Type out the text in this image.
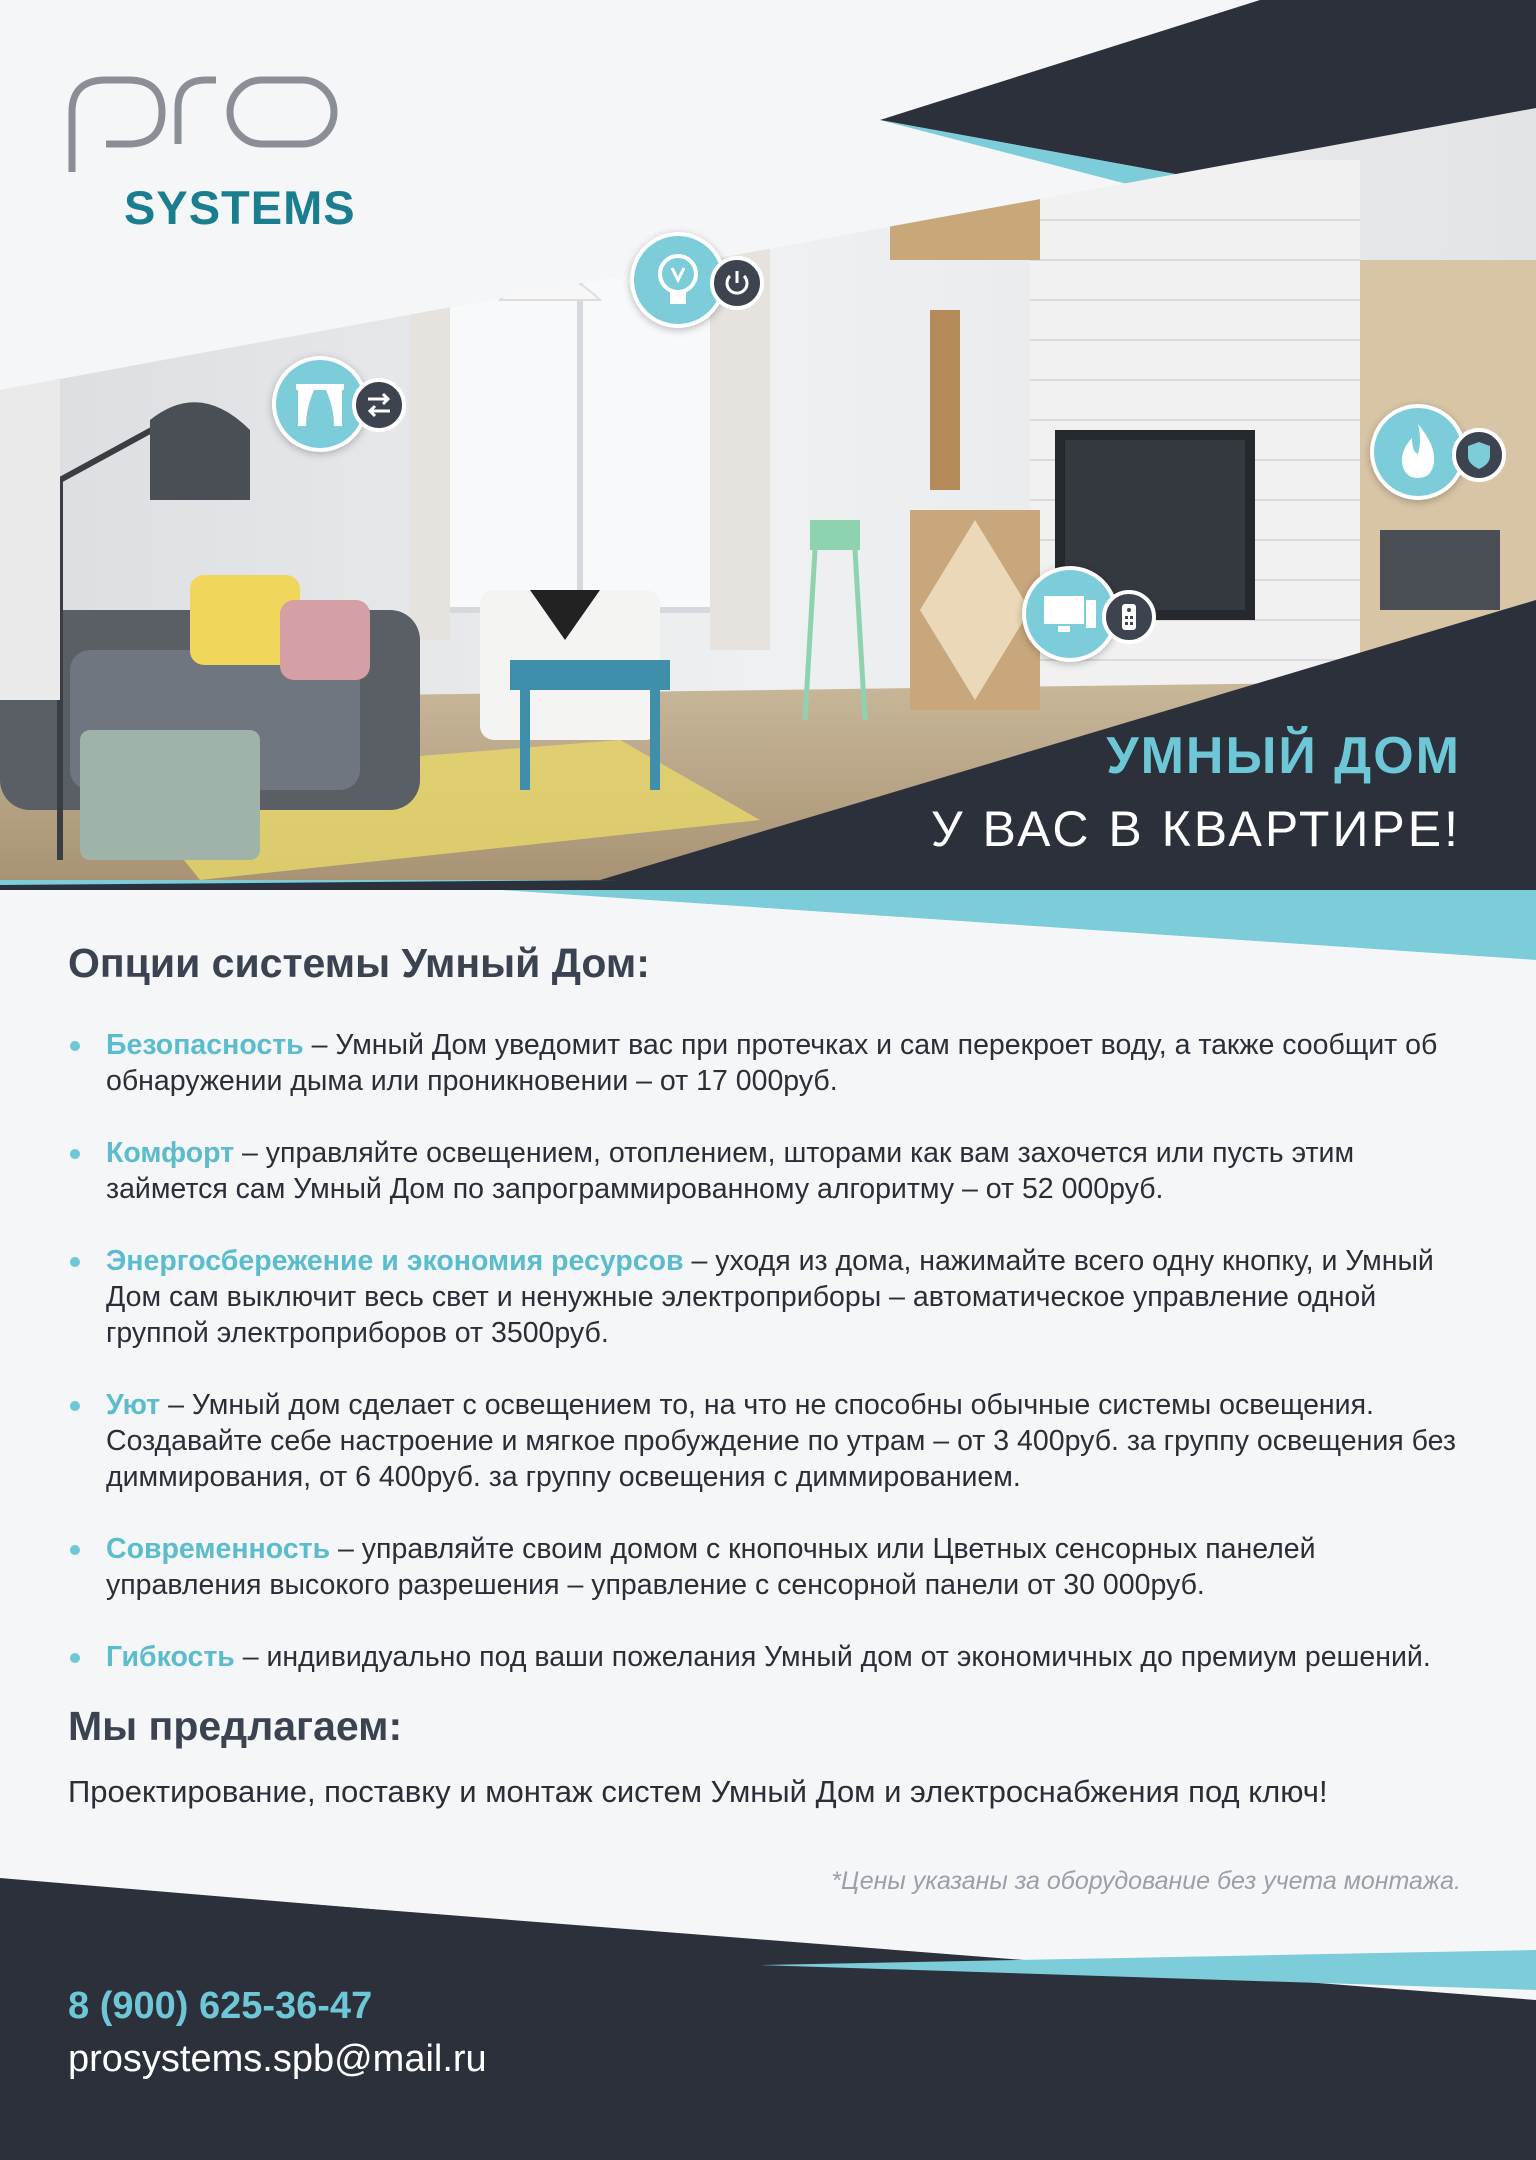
SYSTEMS
УМНЫЙ ДОМ
У ВАС В КВАРТИРЕ!
Опции системы Умный Дом:
Безопасность – Умный Дом уведомит вас при протечках и сам перекроет воду, а также сообщит об обнаружении дыма или проникновении – от 17 000руб.
Комфорт – управляйте освещением, отоплением, шторами как вам захочется или пусть этим займется сам Умный Дом по запрограммированному алгоритму – от 52 000руб.
Энергосбережение и экономия ресурсов – уходя из дома, нажимайте всего одну кнопку, и Умный Дом сам выключит весь свет и ненужные электроприборы – автоматическое управление одной группой электроприборов от 3500руб.
Уют – Умный дом сделает с освещением то, на что не способны обычные системы освещения. Создавайте себе настроение и мягкое пробуждение по утрам – от 3 400руб. за группу освещения без диммирования, от 6 400руб. за группу освещения с диммированием.
Современность – управляйте своим домом с кнопочных или Цветных сенсорных панелей управления высокого разрешения – управление с сенсорной панели от 30 000руб.
Гибкость – индивидуально под ваши пожелания Умный дом от экономичных до премиум решений.
Мы предлагаем:

Проектирование, поставку и монтаж систем Умный Дом и электроснабжения под ключ!

*Цены указаны за оборудование без учета монтажа.

8 (900) 625-36-47
prosystems.spb@mail.ru
